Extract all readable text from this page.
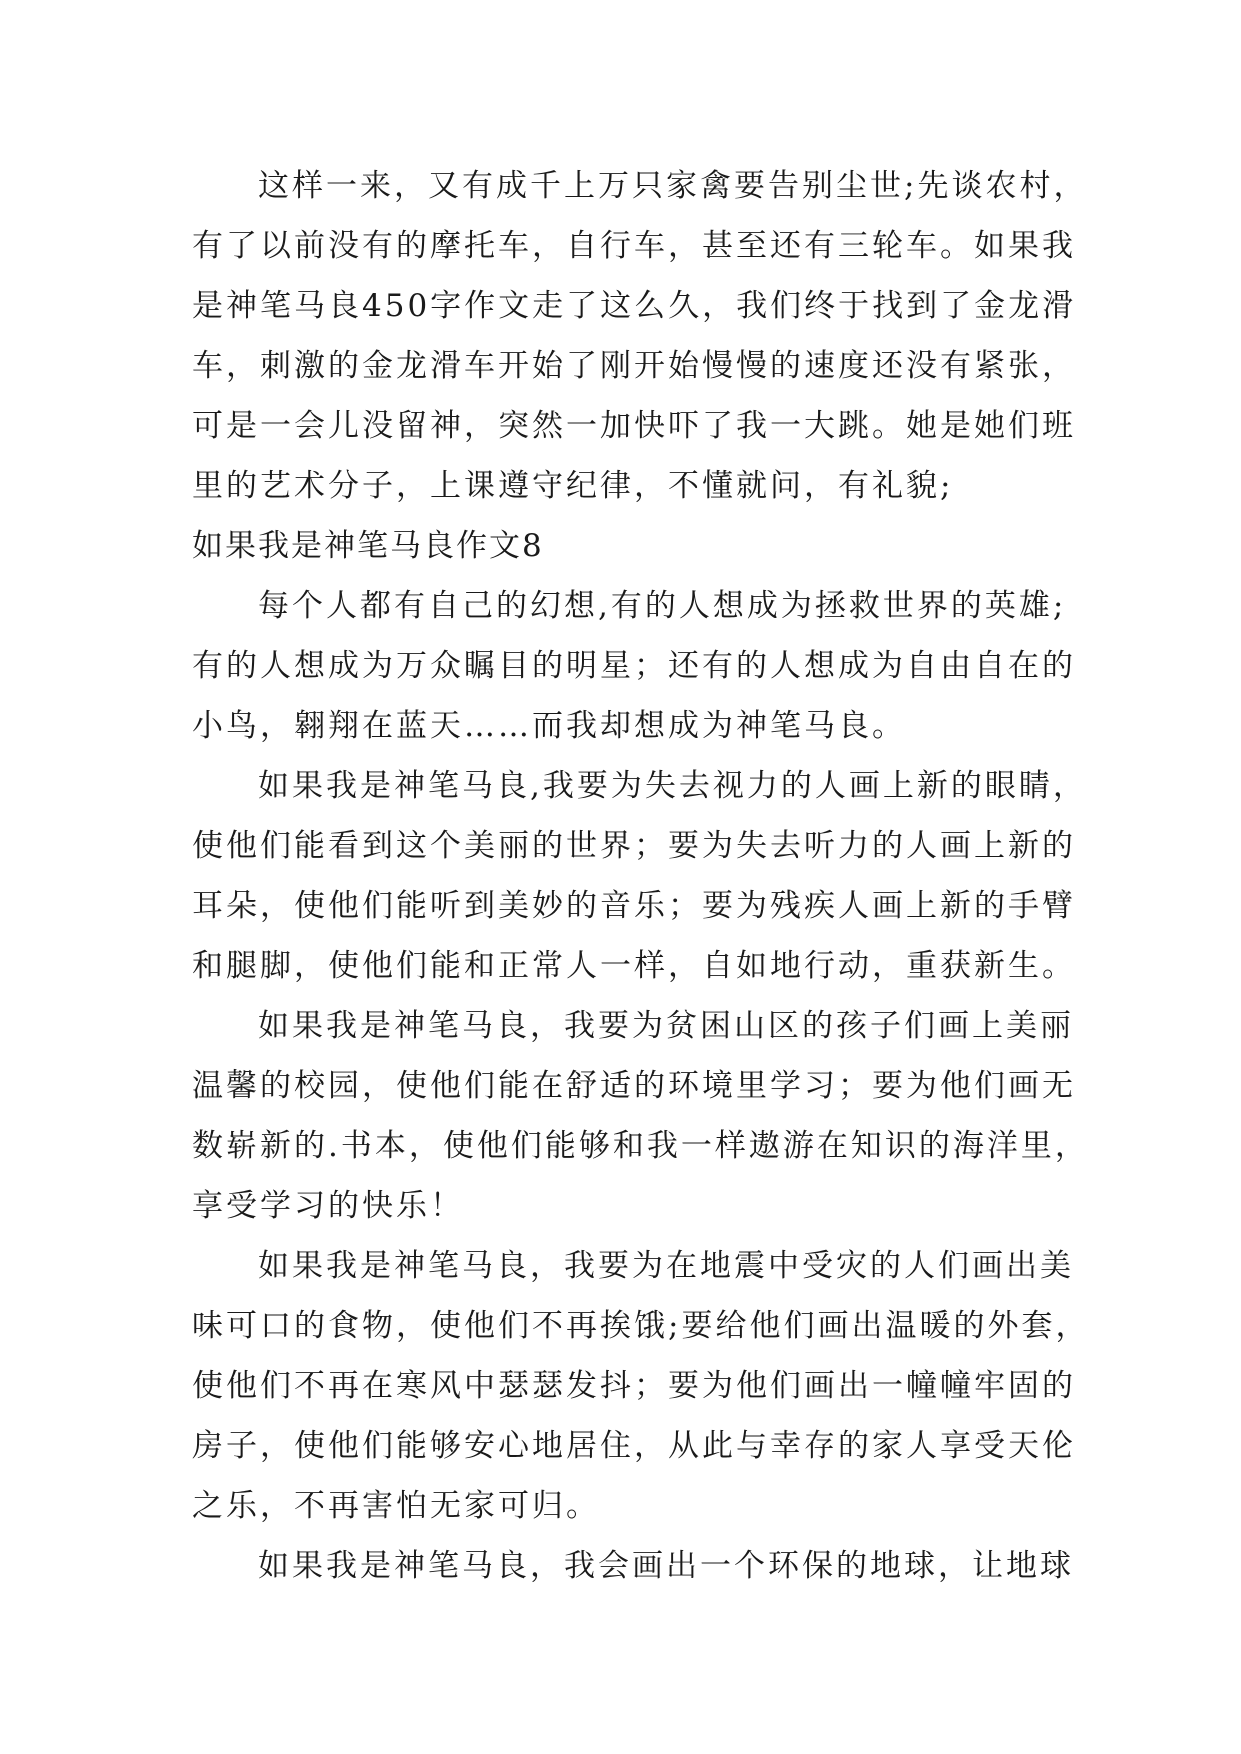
这样一来，又有成千上万只家禽要告别尘世;先谈农村，
有了以前没有的摩托车，自行车，甚至还有三轮车。如果我
是神笔马良450字作文走了这么久，我们终于找到了金龙滑
车，刺激的金龙滑车开始了刚开始慢慢的速度还没有紧张，
可是一会儿没留神，突然一加快吓了我一大跳。她是她们班
里的艺术分子，上课遵守纪律，不懂就问，有礼貌;
如果我是神笔马良作文8
每个人都有自己的幻想,有的人想成为拯救世界的英雄;
有的人想成为万众瞩目的明星；还有的人想成为自由自在的
小鸟，翱翔在蓝天……而我却想成为神笔马良。
如果我是神笔马良,我要为失去视力的人画上新的眼睛，
使他们能看到这个美丽的世界；要为失去听力的人画上新的
耳朵，使他们能听到美妙的音乐；要为残疾人画上新的手臂
和腿脚，使他们能和正常人一样，自如地行动，重获新生。
如果我是神笔马良，我要为贫困山区的孩子们画上美丽
温馨的校园，使他们能在舒适的环境里学习；要为他们画无
数崭新的.书本，使他们能够和我一样遨游在知识的海洋里，
享受学习的快乐！
如果我是神笔马良，我要为在地震中受灾的人们画出美
味可口的食物，使他们不再挨饿;要给他们画出温暖的外套，
使他们不再在寒风中瑟瑟发抖；要为他们画出一幢幢牢固的
房子，使他们能够安心地居住，从此与幸存的家人享受天伦
之乐，不再害怕无家可归。
如果我是神笔马良，我会画出一个环保的地球，让地球
